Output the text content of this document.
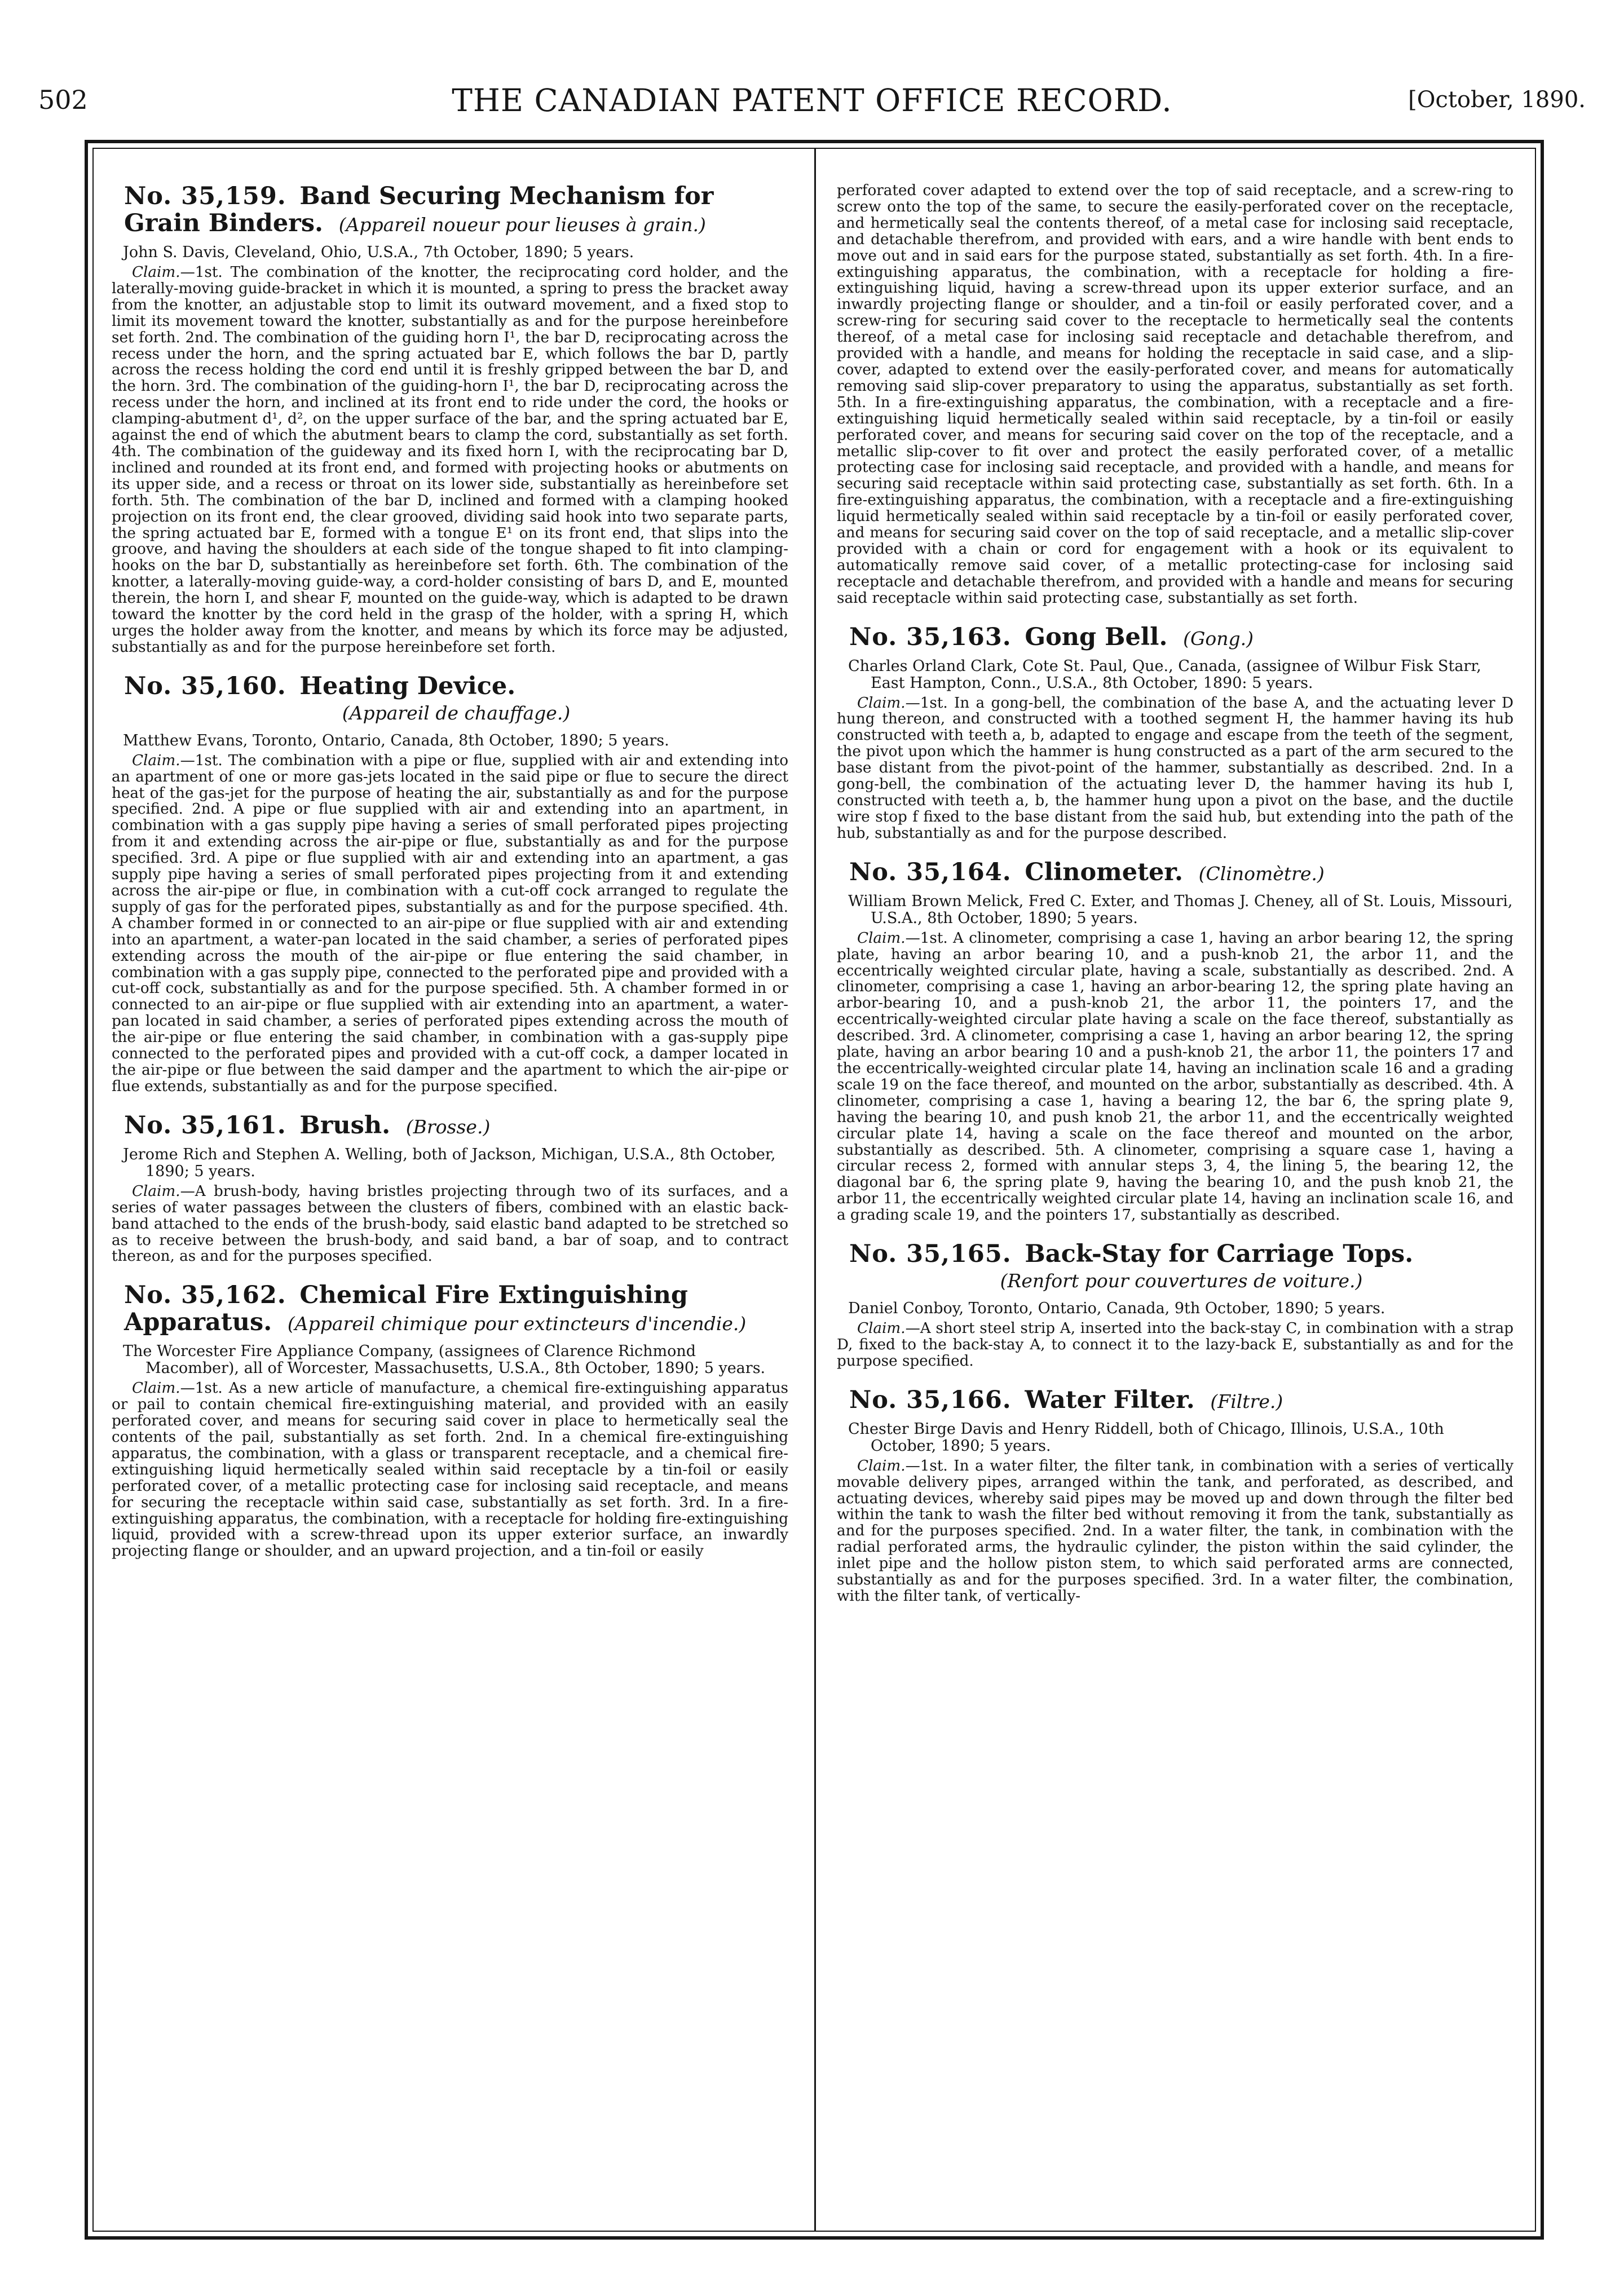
502	THE CANADIAN PATENT OFFICE RECORD.	[October, 1890.

No. 35,159. Band Securing Mechanism for Grain Binders. (Appareil noueur pour lieuses à grain.)

John S. Davis, Cleveland, Ohio, U.S.A., 7th October, 1890; 5 years.

Claim.—1st. The combination of the knotter, the reciprocating cord holder, and the laterally-moving guide-bracket in which it is mounted, a spring to press the bracket away from the knotter, an adjustable stop to limit its outward movement, and a fixed stop to limit its movement toward the knotter, substantially as and for the purpose hereinbefore set forth. 2nd. The combination of the guiding horn I¹, the bar D, reciprocating across the recess under the horn, and the spring actuated bar E, which follows the bar D, partly across the recess holding the cord end until it is freshly gripped between the bar D, and the horn. 3rd. The combination of the guiding-horn I¹, the bar D, reciprocating across the recess under the horn, and inclined at its front end to ride under the cord, the hooks or clamping-abutment d¹, d², on the upper surface of the bar, and the spring actuated bar E, against the end of which the abutment bears to clamp the cord, substantially as set forth. 4th. The combination of the guideway and its fixed horn I, with the reciprocating bar D, inclined and rounded at its front end, and formed with projecting hooks or abutments on its upper side, and a recess or throat on its lower side, substantially as hereinbefore set forth. 5th. The combination of the bar D, inclined and formed with a clamping hooked projection on its front end, the clear grooved, dividing said hook into two separate parts, the spring actuated bar E, formed with a tongue E¹ on its front end, that slips into the groove, and having the shoulders at each side of the tongue shaped to fit into clamping-hooks on the bar D, substantially as hereinbefore set forth. 6th. The combination of the knotter, a laterally-moving guide-way, a cord-holder consisting of bars D, and E, mounted therein, the horn I, and shear F, mounted on the guide-way, which is adapted to be drawn toward the knotter by the cord held in the grasp of the holder, with a spring H, which urges the holder away from the knotter, and means by which its force may be adjusted, substantially as and for the purpose hereinbefore set forth.

No. 35,160. Heating Device.
(Appareil de chauffage.)

Matthew Evans, Toronto, Ontario, Canada, 8th October, 1890; 5 years.

Claim.—1st. The combination with a pipe or flue, supplied with air and extending into an apartment of one or more gas-jets located in the said pipe or flue to secure the direct heat of the gas-jet for the purpose of heating the air, substantially as and for the purpose specified. 2nd. A pipe or flue supplied with air and extending into an apartment, in combination with a gas supply pipe having a series of small perforated pipes projecting from it and extending across the air-pipe or flue, substantially as and for the purpose specified. 3rd. A pipe or flue supplied with air and extending into an apartment, a gas supply pipe having a series of small perforated pipes projecting from it and extending across the air-pipe or flue, in combination with a cut-off cock arranged to regulate the supply of gas for the perforated pipes, substantially as and for the purpose specified. 4th. A chamber formed in or connected to an air-pipe or flue supplied with air and extending into an apartment, a water-pan located in the said chamber, a series of perforated pipes extending across the mouth of the air-pipe or flue entering the said chamber, in combination with a gas supply pipe, connected to the perforated pipe and provided with a cut-off cock, substantially as and for the purpose specified. 5th. A chamber formed in or connected to an air-pipe or flue supplied with air extending into an apartment, a water-pan located in said chamber, a series of perforated pipes extending across the mouth of the air-pipe or flue entering the said chamber, in combination with a gas-supply pipe connected to the perforated pipes and provided with a cut-off cock, a damper located in the air-pipe or flue between the said damper and the apartment to which the air-pipe or flue extends, substantially as and for the purpose specified.

No. 35,161. Brush. (Brosse.)

Jerome Rich and Stephen A. Welling, both of Jackson, Michigan, U.S.A., 8th October, 1890; 5 years.

Claim.—A brush-body, having bristles projecting through two of its surfaces, and a series of water passages between the clusters of fibers, combined with an elastic back-band attached to the ends of the brush-body, said elastic band adapted to be stretched so as to receive between the brush-body, and said band, a bar of soap, and to contract thereon, as and for the purposes specified.

No. 35,162. Chemical Fire Extinguishing Apparatus. (Appareil chimique pour extincteurs d'incendie.)

The Worcester Fire Appliance Company, (assignees of Clarence Richmond Macomber), all of Worcester, Massachusetts, U.S.A., 8th October, 1890; 5 years.

Claim.—1st. As a new article of manufacture, a chemical fire-extinguishing apparatus or pail to contain chemical fire-extinguishing material, and provided with an easily perforated cover, and means for securing said cover in place to hermetically seal the contents of the pail, substantially as set forth. 2nd. In a chemical fire-extinguishing apparatus, the combination, with a glass or transparent receptacle, and a chemical fire-extinguishing liquid hermetically sealed within said receptacle by a tin-foil or easily perforated cover, of a metallic protecting case for inclosing said receptacle, and means for securing the receptacle within said case, substantially as set forth. 3rd. In a fire-extinguishing apparatus, the combination, with a receptacle for holding fire-extinguishing liquid, provided with a screw-thread upon its upper exterior surface, an inwardly projecting flange or shoulder, and an upward projection, and a tin-foil or easily

perforated cover adapted to extend over the top of said receptacle, and a screw-ring to screw onto the top of the same, to secure the easily-perforated cover on the receptacle, and hermetically seal the contents thereof, of a metal case for inclosing said receptacle, and detachable therefrom, and provided with ears, and a wire handle with bent ends to move out and in said ears for the purpose stated, substantially as set forth. 4th. In a fire-extinguishing apparatus, the combination, with a receptacle for holding a fire-extinguishing liquid, having a screw-thread upon its upper exterior surface, and an inwardly projecting flange or shoulder, and a tin-foil or easily perforated cover, and a screw-ring for securing said cover to the receptacle to hermetically seal the contents thereof, of a metal case for inclosing said receptacle and detachable therefrom, and provided with a handle, and means for holding the receptacle in said case, and a slip-cover, adapted to extend over the easily-perforated cover, and means for automatically removing said slip-cover preparatory to using the apparatus, substantially as set forth. 5th. In a fire-extinguishing apparatus, the combination, with a receptacle and a fire-extinguishing liquid hermetically sealed within said receptacle, by a tin-foil or easily perforated cover, and means for securing said cover on the top of the receptacle, and a metallic slip-cover to fit over and protect the easily perforated cover, of a metallic protecting case for inclosing said receptacle, and provided with a handle, and means for securing said receptacle within said protecting case, substantially as set forth. 6th. In a fire-extinguishing apparatus, the combination, with a receptacle and a fire-extinguishing liquid hermetically sealed within said receptacle by a tin-foil or easily perforated cover, and means for securing said cover on the top of said receptacle, and a metallic slip-cover provided with a chain or cord for engagement with a hook or its equivalent to automatically remove said cover, of a metallic protecting-case for inclosing said receptacle and detachable therefrom, and provided with a handle and means for securing said receptacle within said protecting case, substantially as set forth.

No. 35,163. Gong Bell. (Gong.)

Charles Orland Clark, Cote St. Paul, Que., Canada, (assignee of Wilbur Fisk Starr, East Hampton, Conn., U.S.A., 8th October, 1890: 5 years.

Claim.—1st. In a gong-bell, the combination of the base A, and the actuating lever D hung thereon, and constructed with a toothed segment H, the hammer having its hub constructed with teeth a, b, adapted to engage and escape from the teeth of the segment, the pivot upon which the hammer is hung constructed as a part of the arm secured to the base distant from the pivot-point of the hammer, substantially as described. 2nd. In a gong-bell, the combination of the actuating lever D, the hammer having its hub I, constructed with teeth a, b, the hammer hung upon a pivot on the base, and the ductile wire stop f fixed to the base distant from the said hub, but extending into the path of the hub, substantially as and for the purpose described.

No. 35,164. Clinometer. (Clinomètre.)

William Brown Melick, Fred C. Exter, and Thomas J. Cheney, all of St. Louis, Missouri, U.S.A., 8th October, 1890; 5 years.

Claim.—1st. A clinometer, comprising a case 1, having an arbor bearing 12, the spring plate, having an arbor bearing 10, and a push-knob 21, the arbor 11, and the eccentrically weighted circular plate, having a scale, substantially as described. 2nd. A clinometer, comprising a case 1, having an arbor-bearing 12, the spring plate having an arbor-bearing 10, and a push-knob 21, the arbor 11, the pointers 17, and the eccentrically-weighted circular plate having a scale on the face thereof, substantially as described. 3rd. A clinometer, comprising a case 1, having an arbor bearing 12, the spring plate, having an arbor bearing 10 and a push-knob 21, the arbor 11, the pointers 17 and the eccentrically-weighted circular plate 14, having an inclination scale 16 and a grading scale 19 on the face thereof, and mounted on the arbor, substantially as described. 4th. A clinometer, comprising a case 1, having a bearing 12, the bar 6, the spring plate 9, having the bearing 10, and push knob 21, the arbor 11, and the eccentrically weighted circular plate 14, having a scale on the face thereof and mounted on the arbor, substantially as described. 5th. A clinometer, comprising a square case 1, having a circular recess 2, formed with annular steps 3, 4, the lining 5, the bearing 12, the diagonal bar 6, the spring plate 9, having the bearing 10, and the push knob 21, the arbor 11, the eccentrically weighted circular plate 14, having an inclination scale 16, and a grading scale 19, and the pointers 17, substantially as described.

No. 35,165. Back-Stay for Carriage Tops.
(Renfort pour couvertures de voiture.)

Daniel Conboy, Toronto, Ontario, Canada, 9th October, 1890; 5 years.

Claim.—A short steel strip A, inserted into the back-stay C, in combination with a strap D, fixed to the back-stay A, to connect it to the lazy-back E, substantially as and for the purpose specified.

No. 35,166. Water Filter. (Filtre.)

Chester Birge Davis and Henry Riddell, both of Chicago, Illinois, U.S.A., 10th October, 1890; 5 years.

Claim.—1st. In a water filter, the filter tank, in combination with a series of vertically movable delivery pipes, arranged within the tank, and perforated, as described, and actuating devices, whereby said pipes may be moved up and down through the filter bed within the tank to wash the filter bed without removing it from the tank, substantially as and for the purposes specified. 2nd. In a water filter, the tank, in combination with the radial perforated arms, the hydraulic cylinder, the piston within the said cylinder, the inlet pipe and the hollow piston stem, to which said perforated arms are connected, substantially as and for the purposes specified. 3rd. In a water filter, the combination, with the filter tank, of vertically-
